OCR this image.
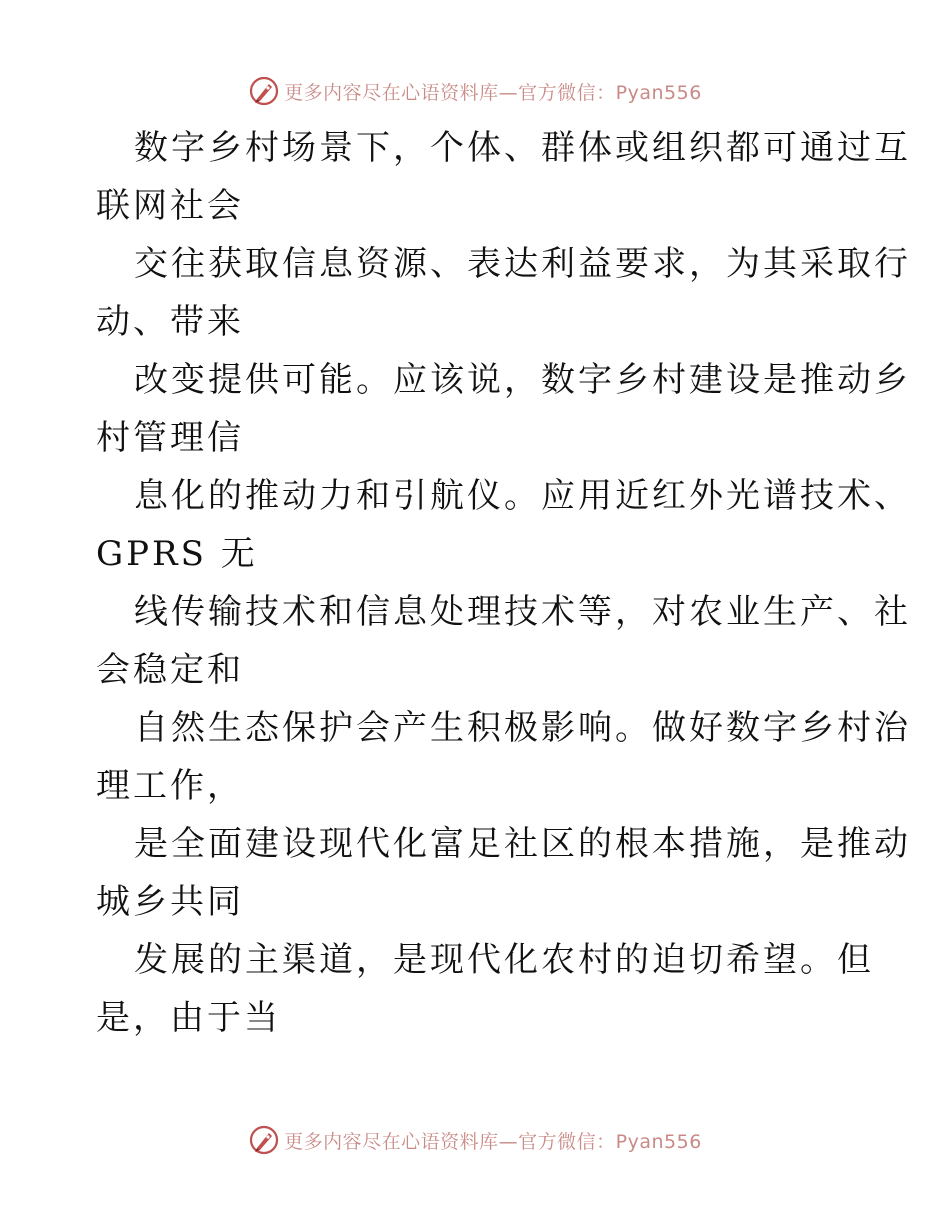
更多内容尽在心语资料库—官方微信：Pyan556

数字乡村场景下，个体、群体或组织都可通过互
联网社会

交往获取信息资源、表达利益要求，为其采取行
动、带来

改变提供可能。应该说，数字乡村建设是推动乡
村管理信

息化的推动力和引航仪。应用近红外光谱技术、
GPRS 无

线传输技术和信息处理技术等，对农业生产、社
会稳定和

自然生态保护会产生积极影响。做好数字乡村治
理工作，

是全面建设现代化富足社区的根本措施，是推动
城乡共同

发展的主渠道，是现代化农村的迫切希望。但
是，由于当

更多内容尽在心语资料库—官方微信：Pyan556
